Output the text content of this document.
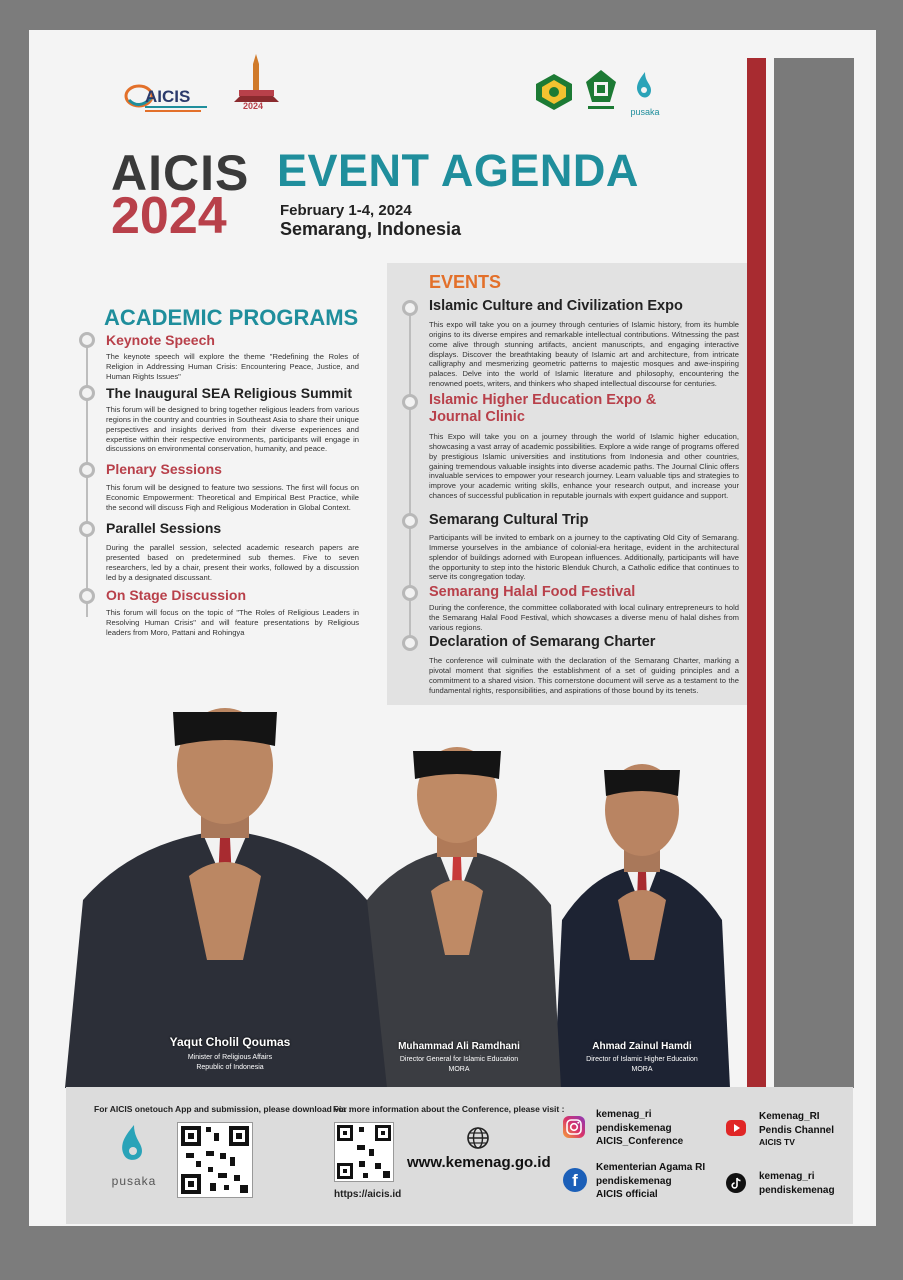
AICIS	2024
pusaka
AICIS
2024
EVENT AGENDA
February 1-4, 2024
Semarang, Indonesia
EVENTS
Islamic Culture and Civilization Expo
This expo will take you on a journey through centuries of Islamic history, from its humble origins to its diverse empires and remarkable intellectual contributions. Witnessing the past come alive through stunning artifacts, ancient manuscripts, and engaging interactive displays. Discover the breathtaking beauty of Islamic art and architecture, from intricate calligraphy and mesmerizing geometric patterns to majestic mosques and awe-inspiring palaces. Delve into the world of Islamic literature and philosophy, encountering the renowned poets, writers, and thinkers who shaped intellectual discourse for centuries.
Islamic Higher Education Expo & Journal Clinic
This Expo will take you on a journey through the world of Islamic higher education, showcasing a vast array of academic possibilities. Explore a wide range of programs offered by prestigious Islamic universities and institutions from Indonesia and other countries, gaining tremendous valuable insights into diverse academic paths. The Journal Clinic offers invaluable services to empower your research journey. Learn valuable tips and strategies to improve your academic writing skills, enhance your research output, and increase your chances of successful publication in reputable journals with expert guidance and support.
Semarang Cultural Trip
Participants will be invited to embark on a journey to the captivating Old City of Semarang. Immerse yourselves in the ambiance of colonial-era heritage, evident in the architectural splendor of buildings adorned with European influences. Additionally, participants will have the opportunity to step into the historic Blenduk Church, a Catholic edifice that continues to serve its congregation today.
Semarang Halal Food Festival
During the conference, the committee collaborated with local culinary entrepreneurs to hold the Semarang Halal Food Festival, which showcases a diverse menu of halal dishes from various regions.
Declaration of Semarang Charter
The conference will culminate with the declaration of the Semarang Charter, marking a pivotal moment that signifies the establishment of a set of guiding principles and a commitment to a shared vision. This cornerstone document will serve as a testament to the fundamental rights, responsibilities, and aspirations of those bound by its tenets.
ACADEMIC PROGRAMS
Keynote Speech
The keynote speech will explore the theme "Redefining the Roles of Religion in Addressing Human Crisis: Encountering Peace, Justice, and Human Rights Issues"
The Inaugural SEA Religious Summit
This forum will be designed to bring together religious leaders from various regions in the country and countries in Southeast Asia to share their unique perspectives and insights derived from their diverse experiences and expertise within their respective environments, participants will engage in discussions on environmental conservation, humanity, and peace.
Plenary Sessions
This forum will be designed to feature two sessions. The first will focus on Economic Empowerment: Theoretical and Empirical Best Practice, while the second will discuss Fiqh and Religious Moderation in Global Context.
Parallel Sessions
During the parallel session, selected academic research papers are presented based on predetermined sub themes. Five to seven researchers, led by a chair, present their works, followed by a discussion led by a designated discussant.
On Stage Discussion
This forum will focus on the topic of "The Roles of Religious Leaders in Resolving Human Crisis" and will feature presentations by Religious leaders from Moro, Pattani and Rohingya
Yaqut Cholil Qoumas
Minister of Religious Affairs
Republic of Indonesia
Muhammad Ali Ramdhani
Director General for Islamic Education
MORA
Ahmad Zainul Hamdi
Director of Islamic Higher Education
MORA
For AICIS onetouch App and submission, please download via :
For more information about the Conference, please visit :
pusaka
https://aicis.id
www.kemenag.go.id
kemenag_ri
pendiskemenag
AICIS_Conference
f
Kementerian Agama RI
pendiskemenag
AICIS official
Kemenag_RI
Pendis Channel
AICIS TV
kemenag_ri
pendiskemenag
